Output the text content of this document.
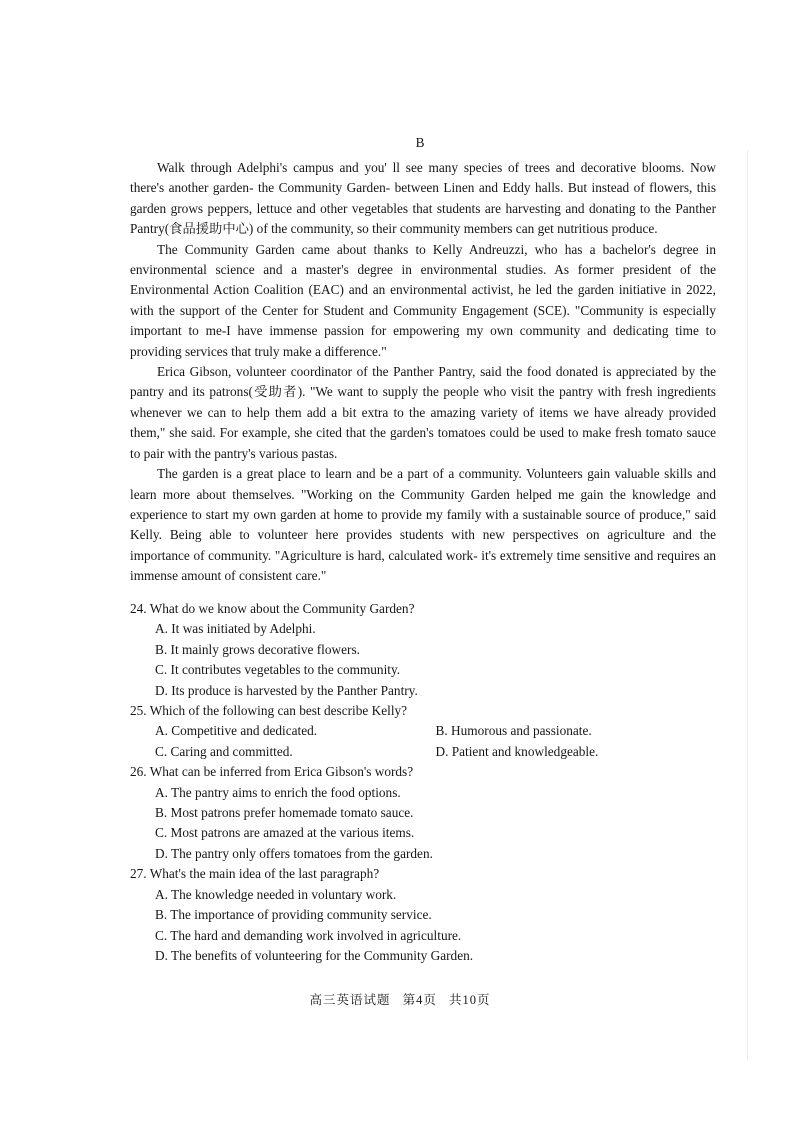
B

Walk through Adelphi's campus and you' ll see many species of trees and decorative blooms. Now there's another garden- the Community Garden- between Linen and Eddy halls. But instead of flowers, this garden grows peppers, lettuce and other vegetables that students are harvesting and donating to the Panther Pantry(食品援助中心) of the community, so their community members can get nutritious produce.

The Community Garden came about thanks to Kelly Andreuzzi, who has a bachelor's degree in environmental science and a master's degree in environmental studies. As former president of the Environmental Action Coalition (EAC) and an environmental activist, he led the garden initiative in 2022, with the support of the Center for Student and Community Engagement (SCE). "Community is especially important to me-I have immense passion for empowering my own community and dedicating time to providing services that truly make a difference."

Erica Gibson, volunteer coordinator of the Panther Pantry, said the food donated is appreciated by the pantry and its patrons(受助者). "We want to supply the people who visit the pantry with fresh ingredients whenever we can to help them add a bit extra to the amazing variety of items we have already provided them," she said. For example, she cited that the garden's tomatoes could be used to make fresh tomato sauce to pair with the pantry's various pastas.

The garden is a great place to learn and be a part of a community. Volunteers gain valuable skills and learn more about themselves. "Working on the Community Garden helped me gain the knowledge and experience to start my own garden at home to provide my family with a sustainable source of produce," said Kelly. Being able to volunteer here provides students with new perspectives on agriculture and the importance of community. "Agriculture is hard, calculated work- it's extremely time sensitive and requires an immense amount of consistent care."

24. What do we know about the Community Garden?

A. It was initiated by Adelphi.

B. It mainly grows decorative flowers.

C. It contributes vegetables to the community.

D. Its produce is harvested by the Panther Pantry.

25. Which of the following can best describe Kelly?

A. Competitive and dedicated.	B. Humorous and passionate.

C. Caring and committed.	D. Patient and knowledgeable.

26. What can be inferred from Erica Gibson's words?

A. The pantry aims to enrich the food options.

B. Most patrons prefer homemade tomato sauce.

C. Most patrons are amazed at the various items.

D. The pantry only offers tomatoes from the garden.

27. What's the main idea of the last paragraph?

A. The knowledge needed in voluntary work.

B. The importance of providing community service.

C. The hard and demanding work involved in agriculture.

D. The benefits of volunteering for the Community Garden.

高三英语试题 第4页 共10页
